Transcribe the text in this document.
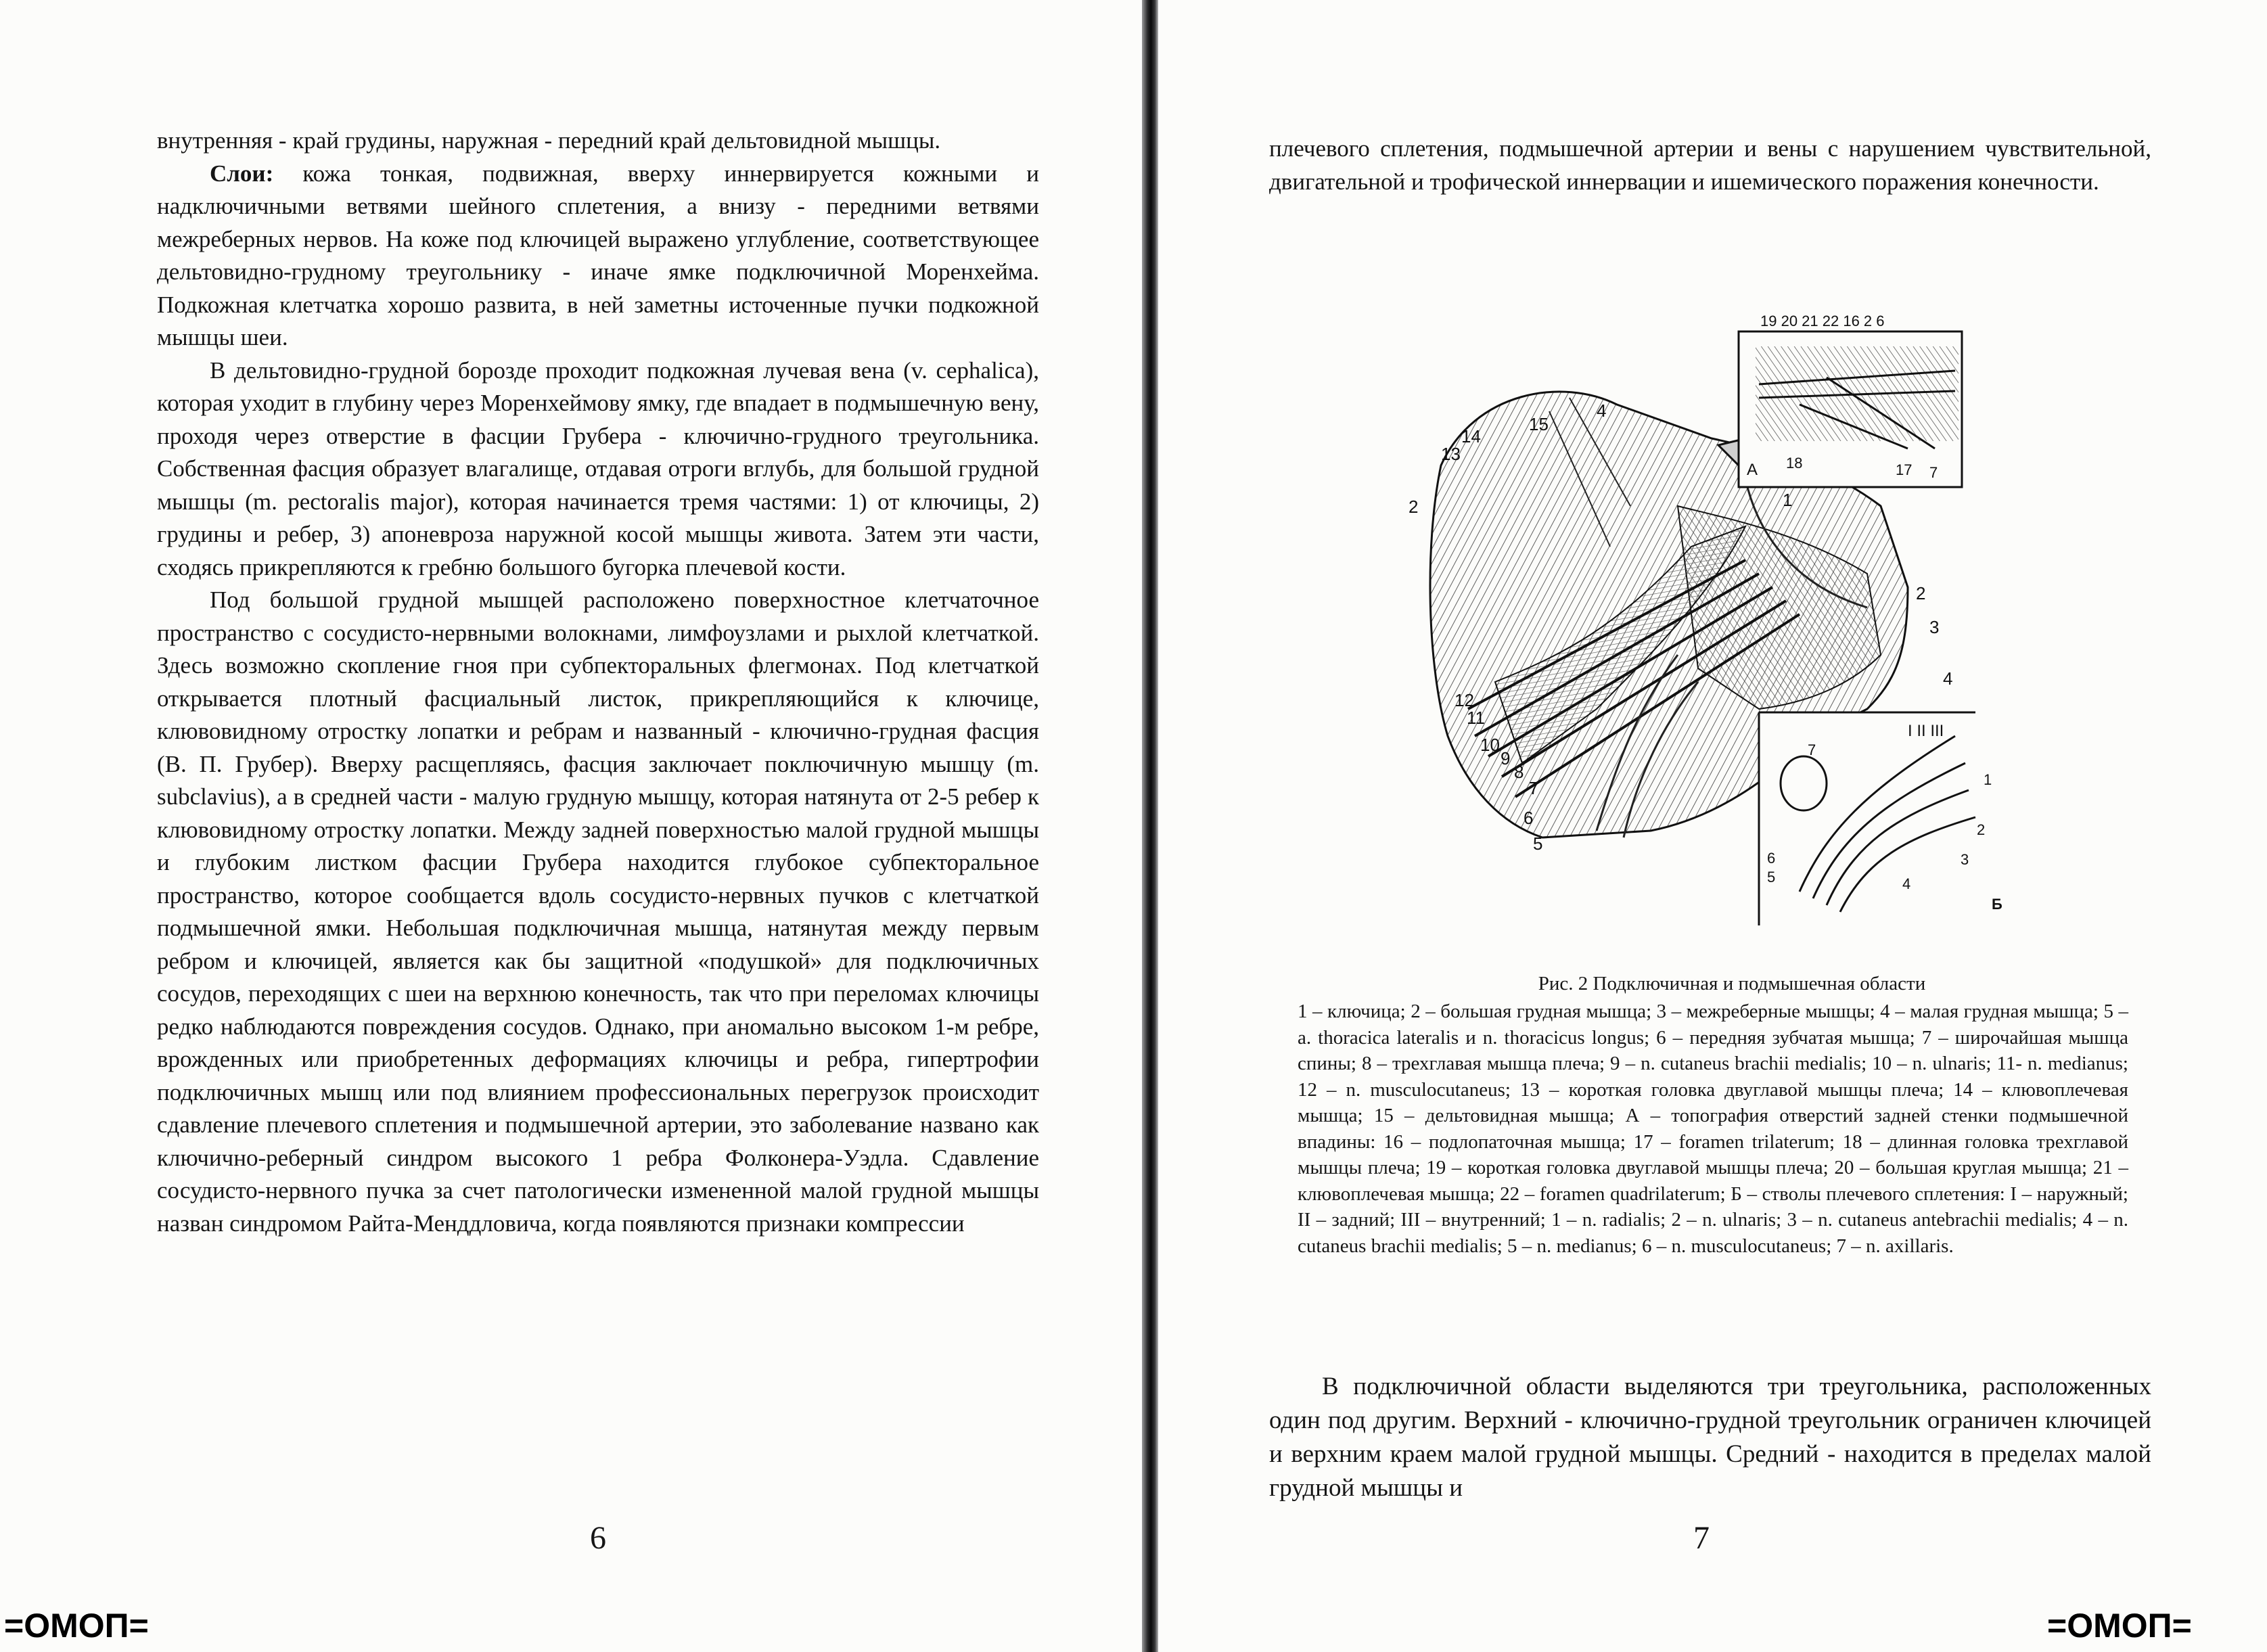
внутренняя - край грудины, наружная - передний край дельтовидной мышцы.

Слои: кожа тонкая, подвижная, вверху иннервируется кожными и надключичными ветвями шейного сплетения, а внизу - передними ветвями межреберных нервов. На коже под ключицей выражено углубление, соответствующее дельтовидно-грудному треугольнику - иначе ямке подключичной Моренхейма. Подкожная клетчатка хорошо развита, в ней заметны источенные пучки подкожной мышцы шеи.

В дельтовидно-грудной борозде проходит подкожная лучевая вена (v. cephalica), которая уходит в глубину через Моренхеймову ямку, где впадает в подмышечную вену, проходя через отверстие в фасции Грубера - ключично-грудного треугольника. Собственная фасция образует влагалище, отдавая отроги вглубь, для большой грудной мышцы (m. pectoralis major), которая начинается тремя частями: 1) от ключицы, 2) грудины и ребер, 3) апоневроза наружной косой мышцы живота. Затем эти части, сходясь прикрепляются к гребню большого бугорка плечевой кости.

Под большой грудной мышцей расположено поверхностное клетчаточное пространство с сосудисто-нервными волокнами, лимфоузлами и рыхлой клетчаткой. Здесь возможно скопление гноя при субпекторальных флегмонах. Под клетчаткой открывается плотный фасциальный листок, прикрепляющийся к ключице, клювовидному отростку лопатки и ребрам и названный - ключично-грудная фасция (В. П. Грубер). Вверху расщепляясь, фасция заключает поключичную мышцу (m. subclavius), а в средней части - малую грудную мышцу, которая натянута от 2-5 ребер к клювовидному отростку лопатки. Между задней поверхностью малой грудной мышцы и глубоким листком фасции Грубера находится глубокое субпекторальное пространство, которое сообщается вдоль сосудисто-нервных пучков с клетчаткой подмышечной ямки. Небольшая подключичная мышца, натянутая между первым ребром и ключицей, является как бы защитной «подушкой» для подключичных сосудов, переходящих с шеи на верхнюю конечность, так что при переломах ключицы редко наблюдаются повреждения сосудов. Однако, при аномально высоком 1-м ребре, врожденных или приобретенных деформациях ключицы и ребра, гипертрофии подключичных мышц или под влиянием профессиональных перегрузок происходит сдавление плечевого сплетения и подмышечной артерии, это заболевание названо как ключично-реберный синдром высокого 1 ребра Фолконера-Уэдла. Сдавление сосудисто-нервного пучка за счет патологически измененной малой грудной мышцы назван синдромом Райта-Менддловича, когда появляются признаки компрессии

6

плечевого сплетения, подмышечной артерии и вены с нарушением чувствительной, двигательной и трофической иннервации и ишемического поражения конечности.

1
2
3
4
2
4
5
6
7
8
9
10
11
12
13
14
15
19 20 21 22 16 2 6
А 18	17 7
I II III
7
1
2
3
6
5	4
Б
Рис. 2 Подключичная и подмышечная области

1 – ключица; 2 – большая грудная мышца; 3 – межреберные мышцы; 4 – малая грудная мышца; 5 – a. thoracica lateralis и n. thoracicus longus; 6 – передняя зубчатая мышца; 7 – широчайшая мышца спины; 8 – трехглавая мышца плеча; 9 – n. cutaneus brachii medialis; 10 – n. ulnaris; 11- n. medianus; 12 – n. musculocutaneus; 13 – короткая головка двуглавой мышцы плеча; 14 – клювоплечевая мышца; 15 – дельтовидная мышца; А – топография отверстий задней стенки подмышечной впадины: 16 – подлопаточная мышца; 17 – foramen trilaterum; 18 – длинная головка трехглавой мышцы плеча; 19 – короткая головка двуглавой мышцы плеча; 20 – большая круглая мышца; 21 – клювоплечевая мышца; 22 – foramen quadrilaterum; Б – стволы плечевого сплетения: I – наружный; II – задний; III – внутренний; 1 – n. radialis; 2 – n. ulnaris; 3 – n. cutaneus antebrachii medialis; 4 – n. cutaneus brachii medialis; 5 – n. medianus; 6 – n. musculocutaneus; 7 – n. axillaris.

В подключичной области выделяются три треугольника, расположенных один под другим. Верхний - ключично-грудной треугольник ограничен ключицей и верхним краем малой грудной мышцы. Средний - находится в пределах малой грудной мышцы и

7
=ОМОП=	=ОМОП=
